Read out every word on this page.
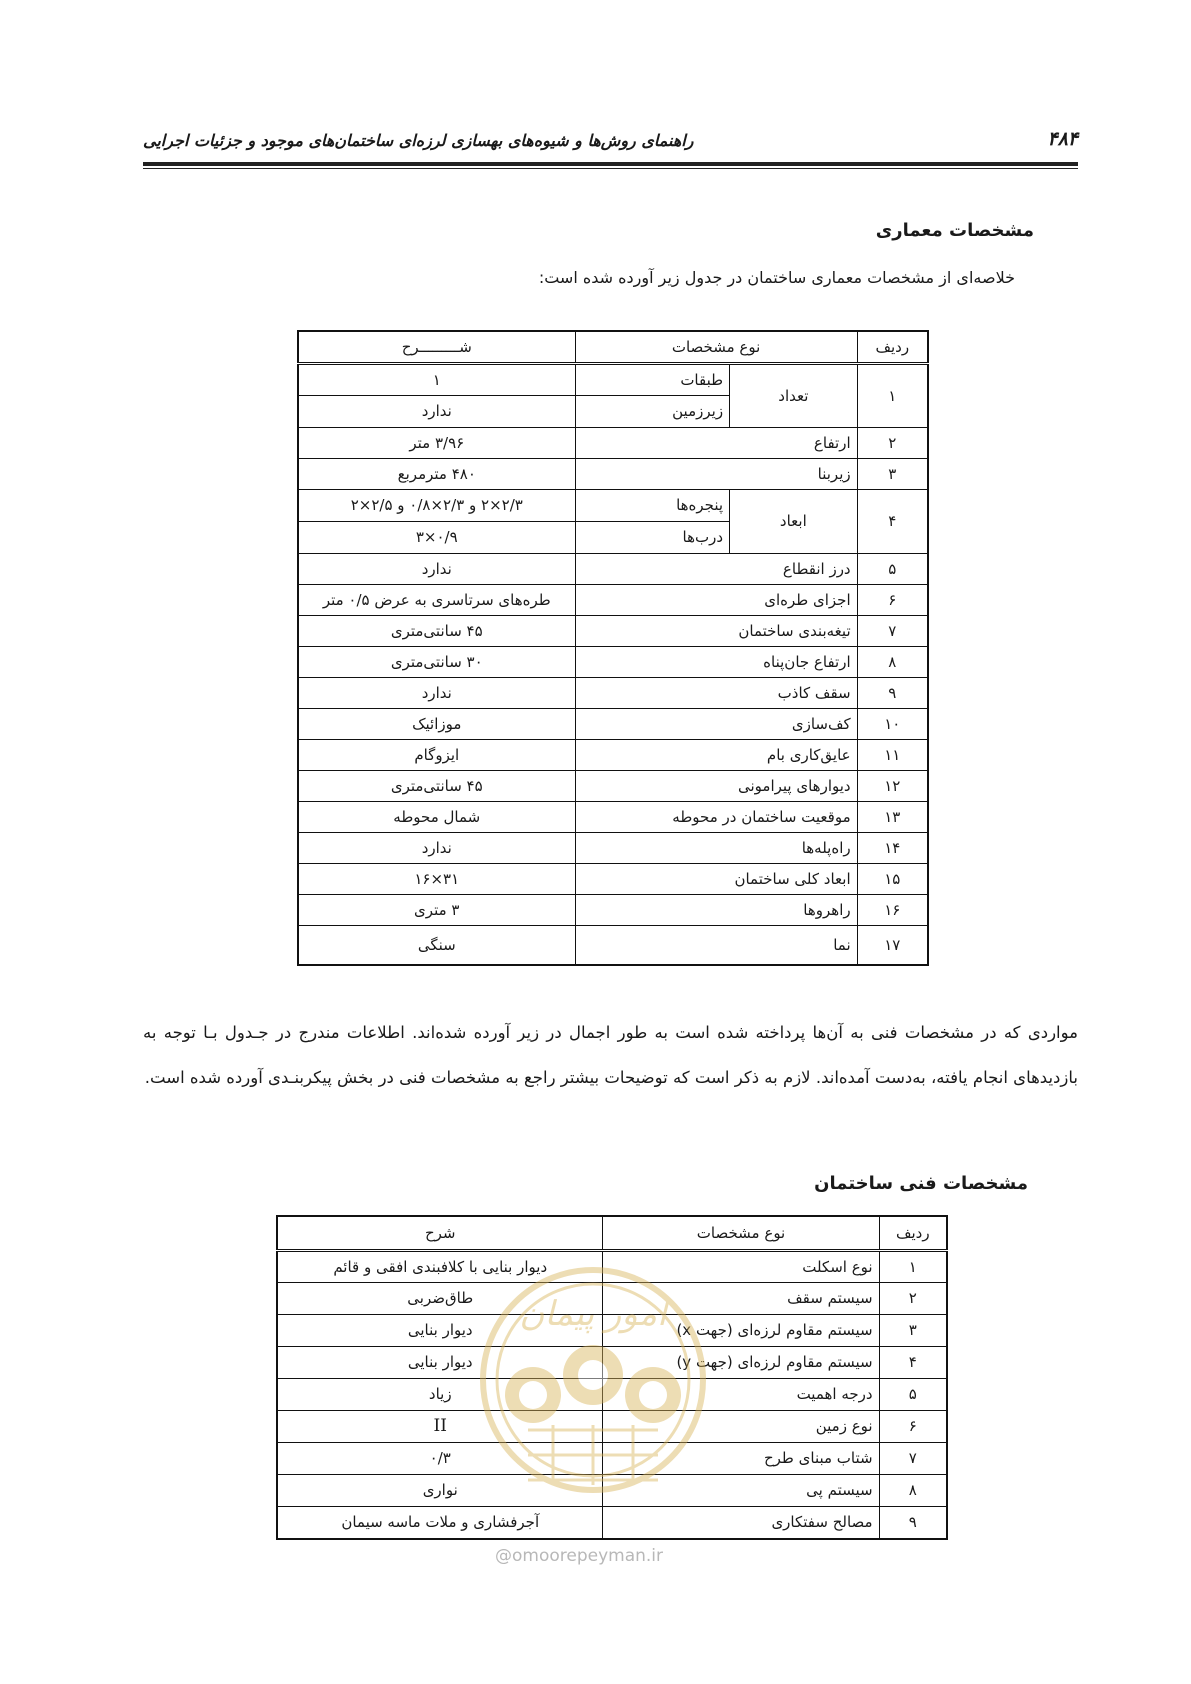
۴۸۴
راهنمای روش‌ها و شیوه‌های بهسازی لرزه‌ای ساختمان‌های موجود و جزئیات اجرایی
مشخصات معماری
خلاصه‌ای از مشخصات معماری ساختمان در جدول زیر آورده شده است:
ردیف	نوع مشخصات		شـــــــــرح
۱	تعداد	طبقات	۱
		زیرزمین	ندارد
۲	ارتفاع		۳/۹۶ متر
۳	زیربنا		۴۸۰ مترمربع
۴	ابعاد	پنجره‌ها	۲/۳×۲ و ۲/۳×۰/۸ و ۲/۵×۲
		درب‌ها	۰/۹×۳
۵	درز انقطاع		ندارد
۶	اجزای طره‌ای		طره‌های سرتاسری به عرض ۰/۵ متر
۷	تیغه‌بندی ساختمان		۴۵ سانتی‌متری
۸	ارتفاع جان‌پناه		۳۰ سانتی‌متری
۹	سقف کاذب		ندارد
۱۰	کف‌سازی		موزائیک
۱۱	عایق‌کاری بام		ایزوگام
۱۲	دیوارهای پیرامونی		۴۵ سانتی‌متری
۱۳	موقعیت ساختمان در محوطه		شمال محوطه
۱۴	راه‌پله‌ها		ندارد
۱۵	ابعاد کلی ساختمان		۳۱×۱۶
۱۶	راهروها		۳ متری
۱۷	نما		سنگی
مواردی که در مشخصات فنی به آن‌ها پرداخته شده است به طور اجمال در زیر آورده شده‌اند. اطلاعات مندرج در جـدول بـا توجه به بازدیدهای انجام یافته، به‌دست آمده‌اند. لازم به ذکر است که توضیحات بیشتر راجع به مشخصات فنی در بخش پیکربنـدی آورده شده است.
مشخصات فنی ساختمان
ردیف	نوع مشخصات	شرح
۱	نوع اسکلت	دیوار بنایی با کلافبندی افقی و قائم
۲	سیستم سقف	طاق‌ضربی
۳	سیستم مقاوم لرزه‌ای (جهت x)	دیوار بنایی
۴	سیستم مقاوم لرزه‌ای (جهت y)	دیوار بنایی
۵	درجه اهمیت	زیاد
۶	نوع زمین	II
۷	شتاب مبنای طرح	۰/۳
۸	سیستم پی	نواری
۹	مصالح سفتکاری	آجرفشاری و ملات ماسه سیمان
امور پیمان
@omoorepeyman.ir
